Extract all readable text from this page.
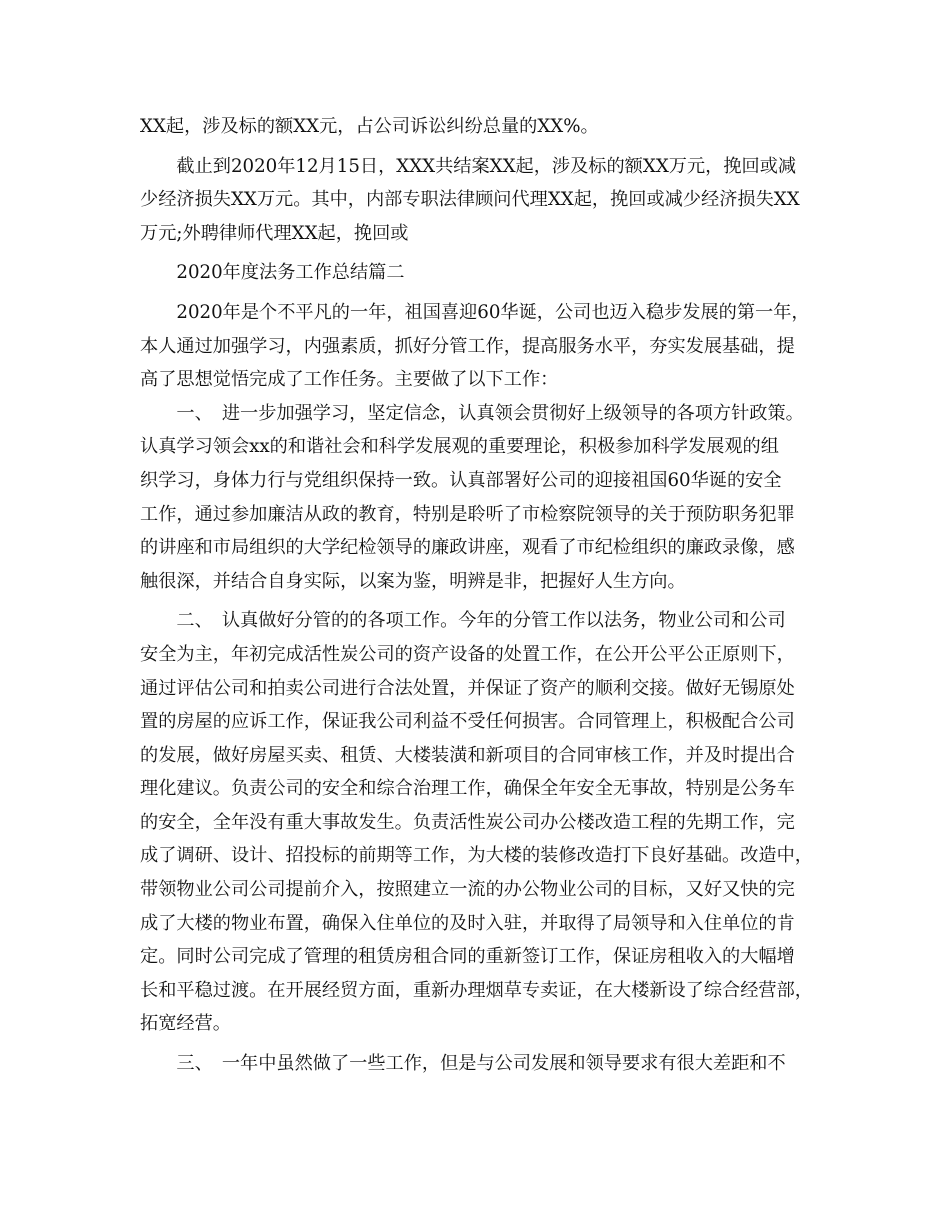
XX起，涉及标的额XX元，占公司诉讼纠纷总量的XX%。
　　截止到2020年12月15日，XXX共结案XX起，涉及标的额XX万元，挽回或减
少经济损失XX万元。其中，内部专职法律顾问代理XX起，挽回或减少经济损失XX
万元;外聘律师代理XX起，挽回或
　　2020年度法务工作总结篇二
　　2020年是个不平凡的一年，祖国喜迎60华诞，公司也迈入稳步发展的第一年，
本人通过加强学习，内强素质，抓好分管工作，提高服务水平，夯实发展基础，提
高了思想觉悟完成了工作任务。主要做了以下工作：
　　一、　进一步加强学习，坚定信念，认真领会贯彻好上级领导的各项方针政策。
认真学习领会xx的和谐社会和科学发展观的重要理论，积极参加科学发展观的组
织学习，身体力行与党组织保持一致。认真部署好公司的迎接祖国60华诞的安全
工作，通过参加廉洁从政的教育，特别是聆听了市检察院领导的关于预防职务犯罪
的讲座和市局组织的大学纪检领导的廉政讲座，观看了市纪检组织的廉政录像，感
触很深，并结合自身实际，以案为鉴，明辨是非，把握好人生方向。
　　二、　认真做好分管的的各项工作。今年的分管工作以法务，物业公司和公司
安全为主，年初完成活性炭公司的资产设备的处置工作，在公开公平公正原则下，
通过评估公司和拍卖公司进行合法处置，并保证了资产的顺利交接。做好无锡原处
置的房屋的应诉工作，保证我公司利益不受任何损害。合同管理上，积极配合公司
的发展，做好房屋买卖、租赁、大楼装潢和新项目的合同审核工作，并及时提出合
理化建议。负责公司的安全和综合治理工作，确保全年安全无事故，特别是公务车
的安全，全年没有重大事故发生。负责活性炭公司办公楼改造工程的先期工作，完
成了调研、设计、招投标的前期等工作，为大楼的装修改造打下良好基础。改造中，
带领物业公司公司提前介入，按照建立一流的办公物业公司的目标，又好又快的完
成了大楼的物业布置，确保入住单位的及时入驻，并取得了局领导和入住单位的肯
定。同时公司完成了管理的租赁房租合同的重新签订工作，保证房租收入的大幅增
长和平稳过渡。在开展经贸方面，重新办理烟草专卖证，在大楼新设了综合经营部，
拓宽经营。
　　三、　一年中虽然做了一些工作，但是与公司发展和领导要求有很大差距和不
